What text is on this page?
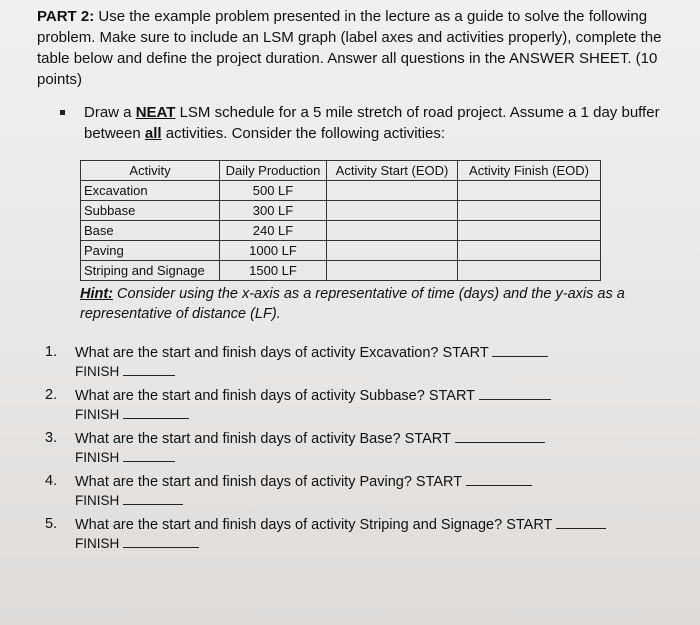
PART 2: Use the example problem presented in the lecture as a guide to solve the following problem. Make sure to include an LSM graph (label axes and activities properly), complete the table below and define the project duration. Answer all questions in the ANSWER SHEET. (10 points)
Draw a NEAT LSM schedule for a 5 mile stretch of road project. Assume a 1 day buffer between all activities. Consider the following activities:
Activity	Daily Production	Activity Start (EOD)	Activity Finish (EOD)
Excavation	500 LF		
Subbase	300 LF		
Base	240 LF		
Paving	1000 LF		
Striping and Signage	1500 LF		
Hint: Consider using the x-axis as a representative of time (days) and the y-axis as a representative of distance (LF).
1. What are the start and finish days of activity Excavation? START
FINISH
2. What are the start and finish days of activity Subbase? START
FINISH
3. What are the start and finish days of activity Base? START
FINISH
4. What are the start and finish days of activity Paving? START
FINISH
5. What are the start and finish days of activity Striping and Signage? START
FINISH
